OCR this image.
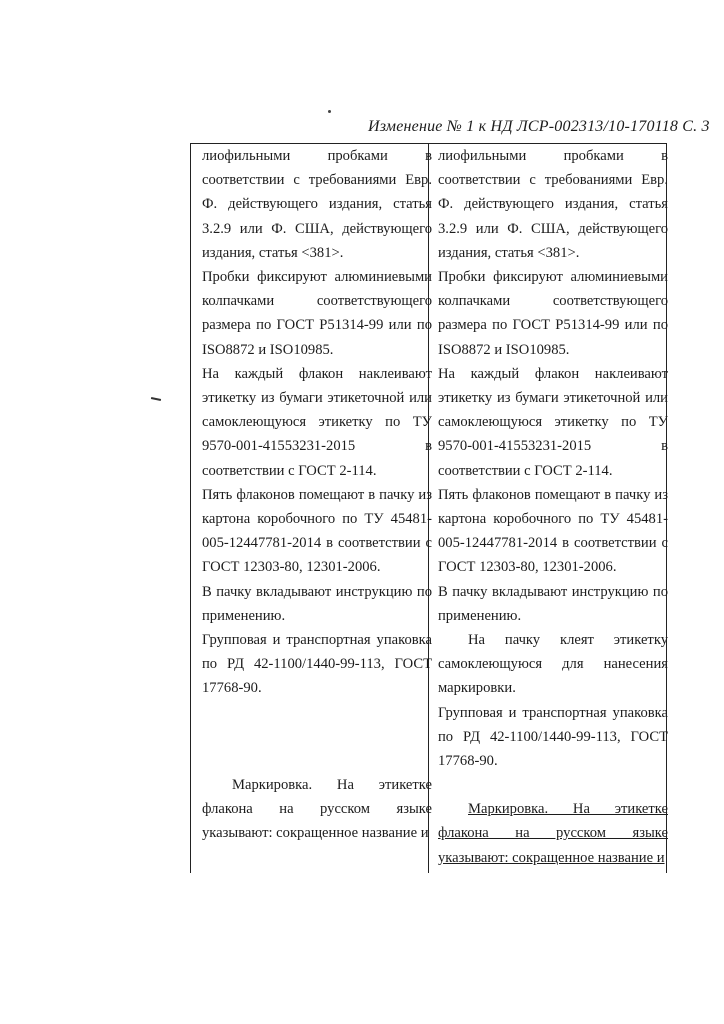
Изменение № 1 к НД ЛСР-002313/10-170118 С. 3

лиофильными пробками в соответствии с требованиями Евр. Ф. действующего издания, статья 3.2.9 или Ф. США, действующего издания, статья <381>.

Пробки фиксируют алюминиевыми колпачками соответствующего размера по ГОСТ Р51314-99 или по ISO8872 и ISO10985.

На каждый флакон наклеивают этикетку из бумаги этикеточной или самоклеющуюся этикетку по ТУ 9570-001-41553231-2015 в соответствии с ГОСТ 2-114.

Пять флаконов помещают в пачку из картона коробочного по ТУ 45481-005-12447781-2014 в соответствии с ГОСТ 12303-80, 12301-2006.

В пачку вкладывают инструкцию по применению.

Групповая и транспортная упаковка по РД 42-1100/1440-99-113, ГОСТ 17768-90.

Маркировка. На этикетке флакона на русском языке указывают: сокращенное название и

лиофильными пробками в соответствии с требованиями Евр. Ф. действующего издания, статья 3.2.9 или Ф. США, действующего издания, статья <381>.

Пробки фиксируют алюминиевыми колпачками соответствующего размера по ГОСТ Р51314-99 или по ISO8872 и ISO10985.

На каждый флакон наклеивают этикетку из бумаги этикеточной или самоклеющуюся этикетку по ТУ 9570-001-41553231-2015 в соответствии с ГОСТ 2-114.

Пять флаконов помещают в пачку из картона коробочного по ТУ 45481-005-12447781-2014 в соответствии с ГОСТ 12303-80, 12301-2006.

В пачку вкладывают инструкцию по применению.

На пачку клеят этикетку самоклеющуюся для нанесения маркировки.

Групповая и транспортная упаковка по РД 42-1100/1440-99-113, ГОСТ 17768-90.

Маркировка. На этикетке флакона на русском языке указывают: сокращенное название и
